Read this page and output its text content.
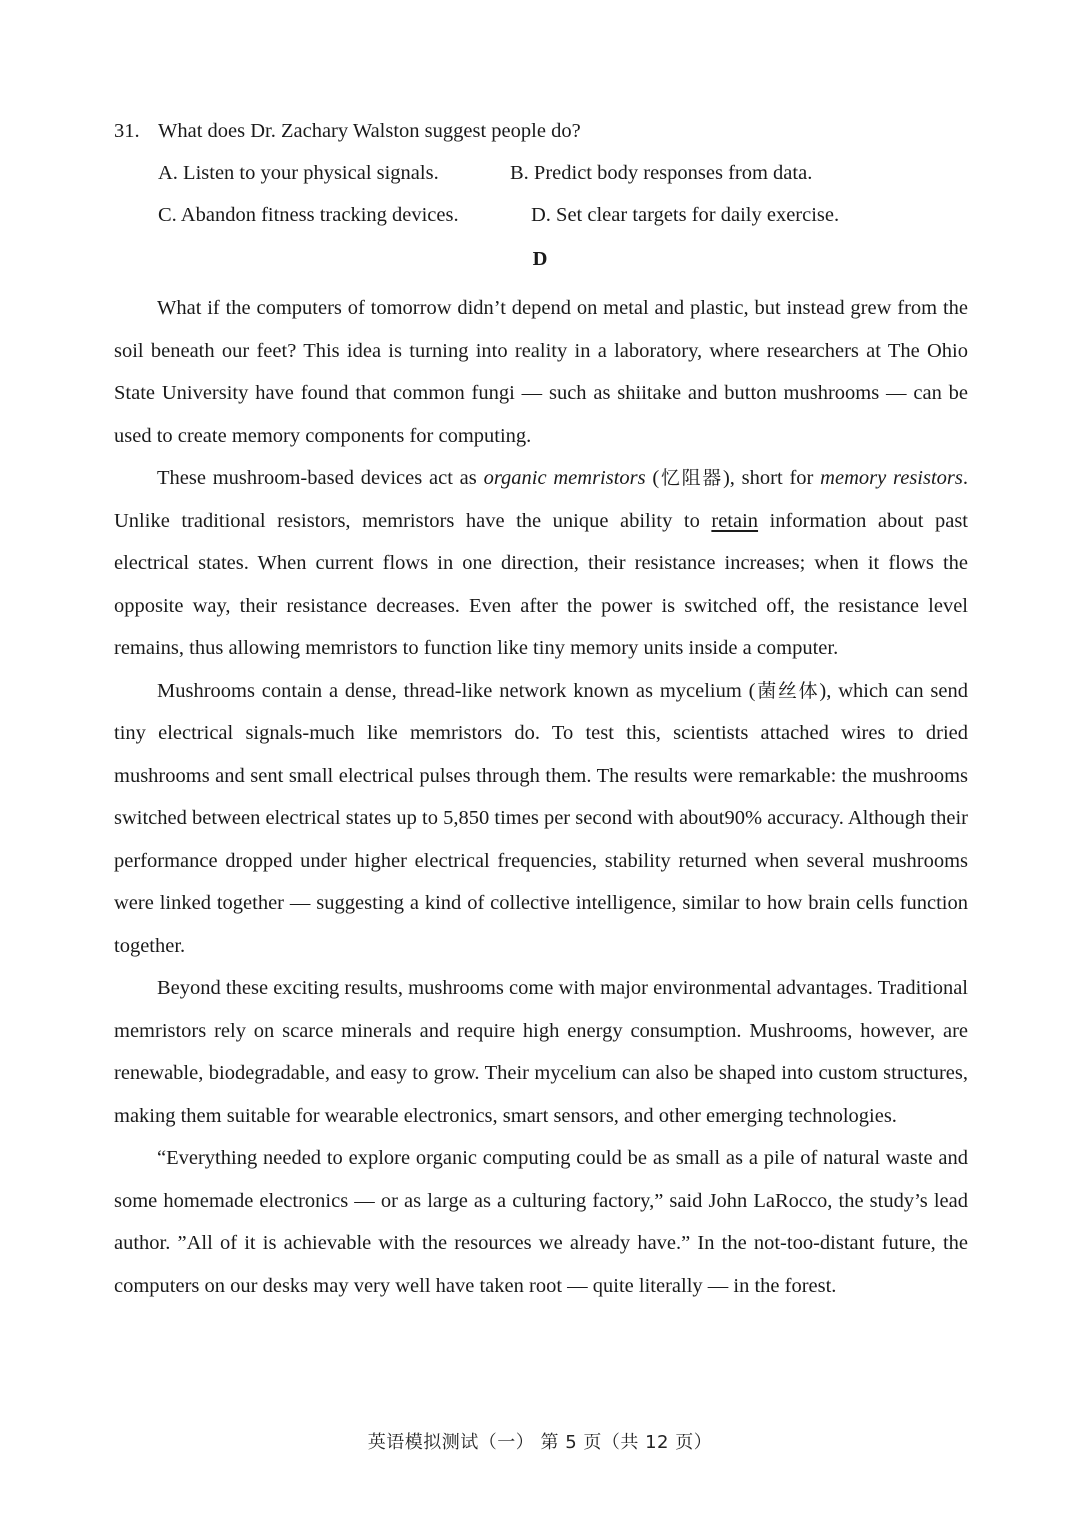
31. What does Dr. Zachary Walston suggest people do?
A. Listen to your physical signals.	B. Predict body responses from data.
C. Abandon fitness tracking devices.	D. Set clear targets for daily exercise.
D

What if the computers of tomorrow didn’t depend on metal and plastic, but instead grew from the soil beneath our feet? This idea is turning into reality in a laboratory, where researchers at The Ohio State University have found that common fungi — such as shiitake and button mushrooms — can be used to create memory components for computing.

These mushroom-based devices act as organic memristors (忆阻器), short for memory resistors. Unlike traditional resistors, memristors have the unique ability to retain information about past electrical states. When current flows in one direction, their resistance increases; when it flows the opposite way, their resistance decreases. Even after the power is switched off, the resistance level remains, thus allowing memristors to function like tiny memory units inside a computer.

Mushrooms contain a dense, thread-like network known as mycelium (菌丝体), which can send tiny electrical signals-much like memristors do. To test this, scientists attached wires to dried mushrooms and sent small electrical pulses through them. The results were remarkable: the mushrooms switched between electrical states up to 5,850 times per second with about90% accuracy. Although their performance dropped under higher electrical frequencies, stability returned when several mushrooms were linked together — suggesting a kind of collective intelligence, similar to how brain cells function together.

Beyond these exciting results, mushrooms come with major environmental advantages. Traditional memristors rely on scarce minerals and require high energy consumption. Mushrooms, however, are renewable, biodegradable, and easy to grow. Their mycelium can also be shaped into custom structures, making them suitable for wearable electronics, smart sensors, and other emerging technologies.

“Everything needed to explore organic computing could be as small as a pile of natural waste and some homemade electronics — or as large as a culturing factory,” said John LaRocco, the study’s lead author. ”All of it is achievable with the resources we already have.” In the not-too-distant future, the computers on our desks may very well have taken root — quite literally — in the forest.

英语模拟测试（一） 第 5 页（共 12 页）
